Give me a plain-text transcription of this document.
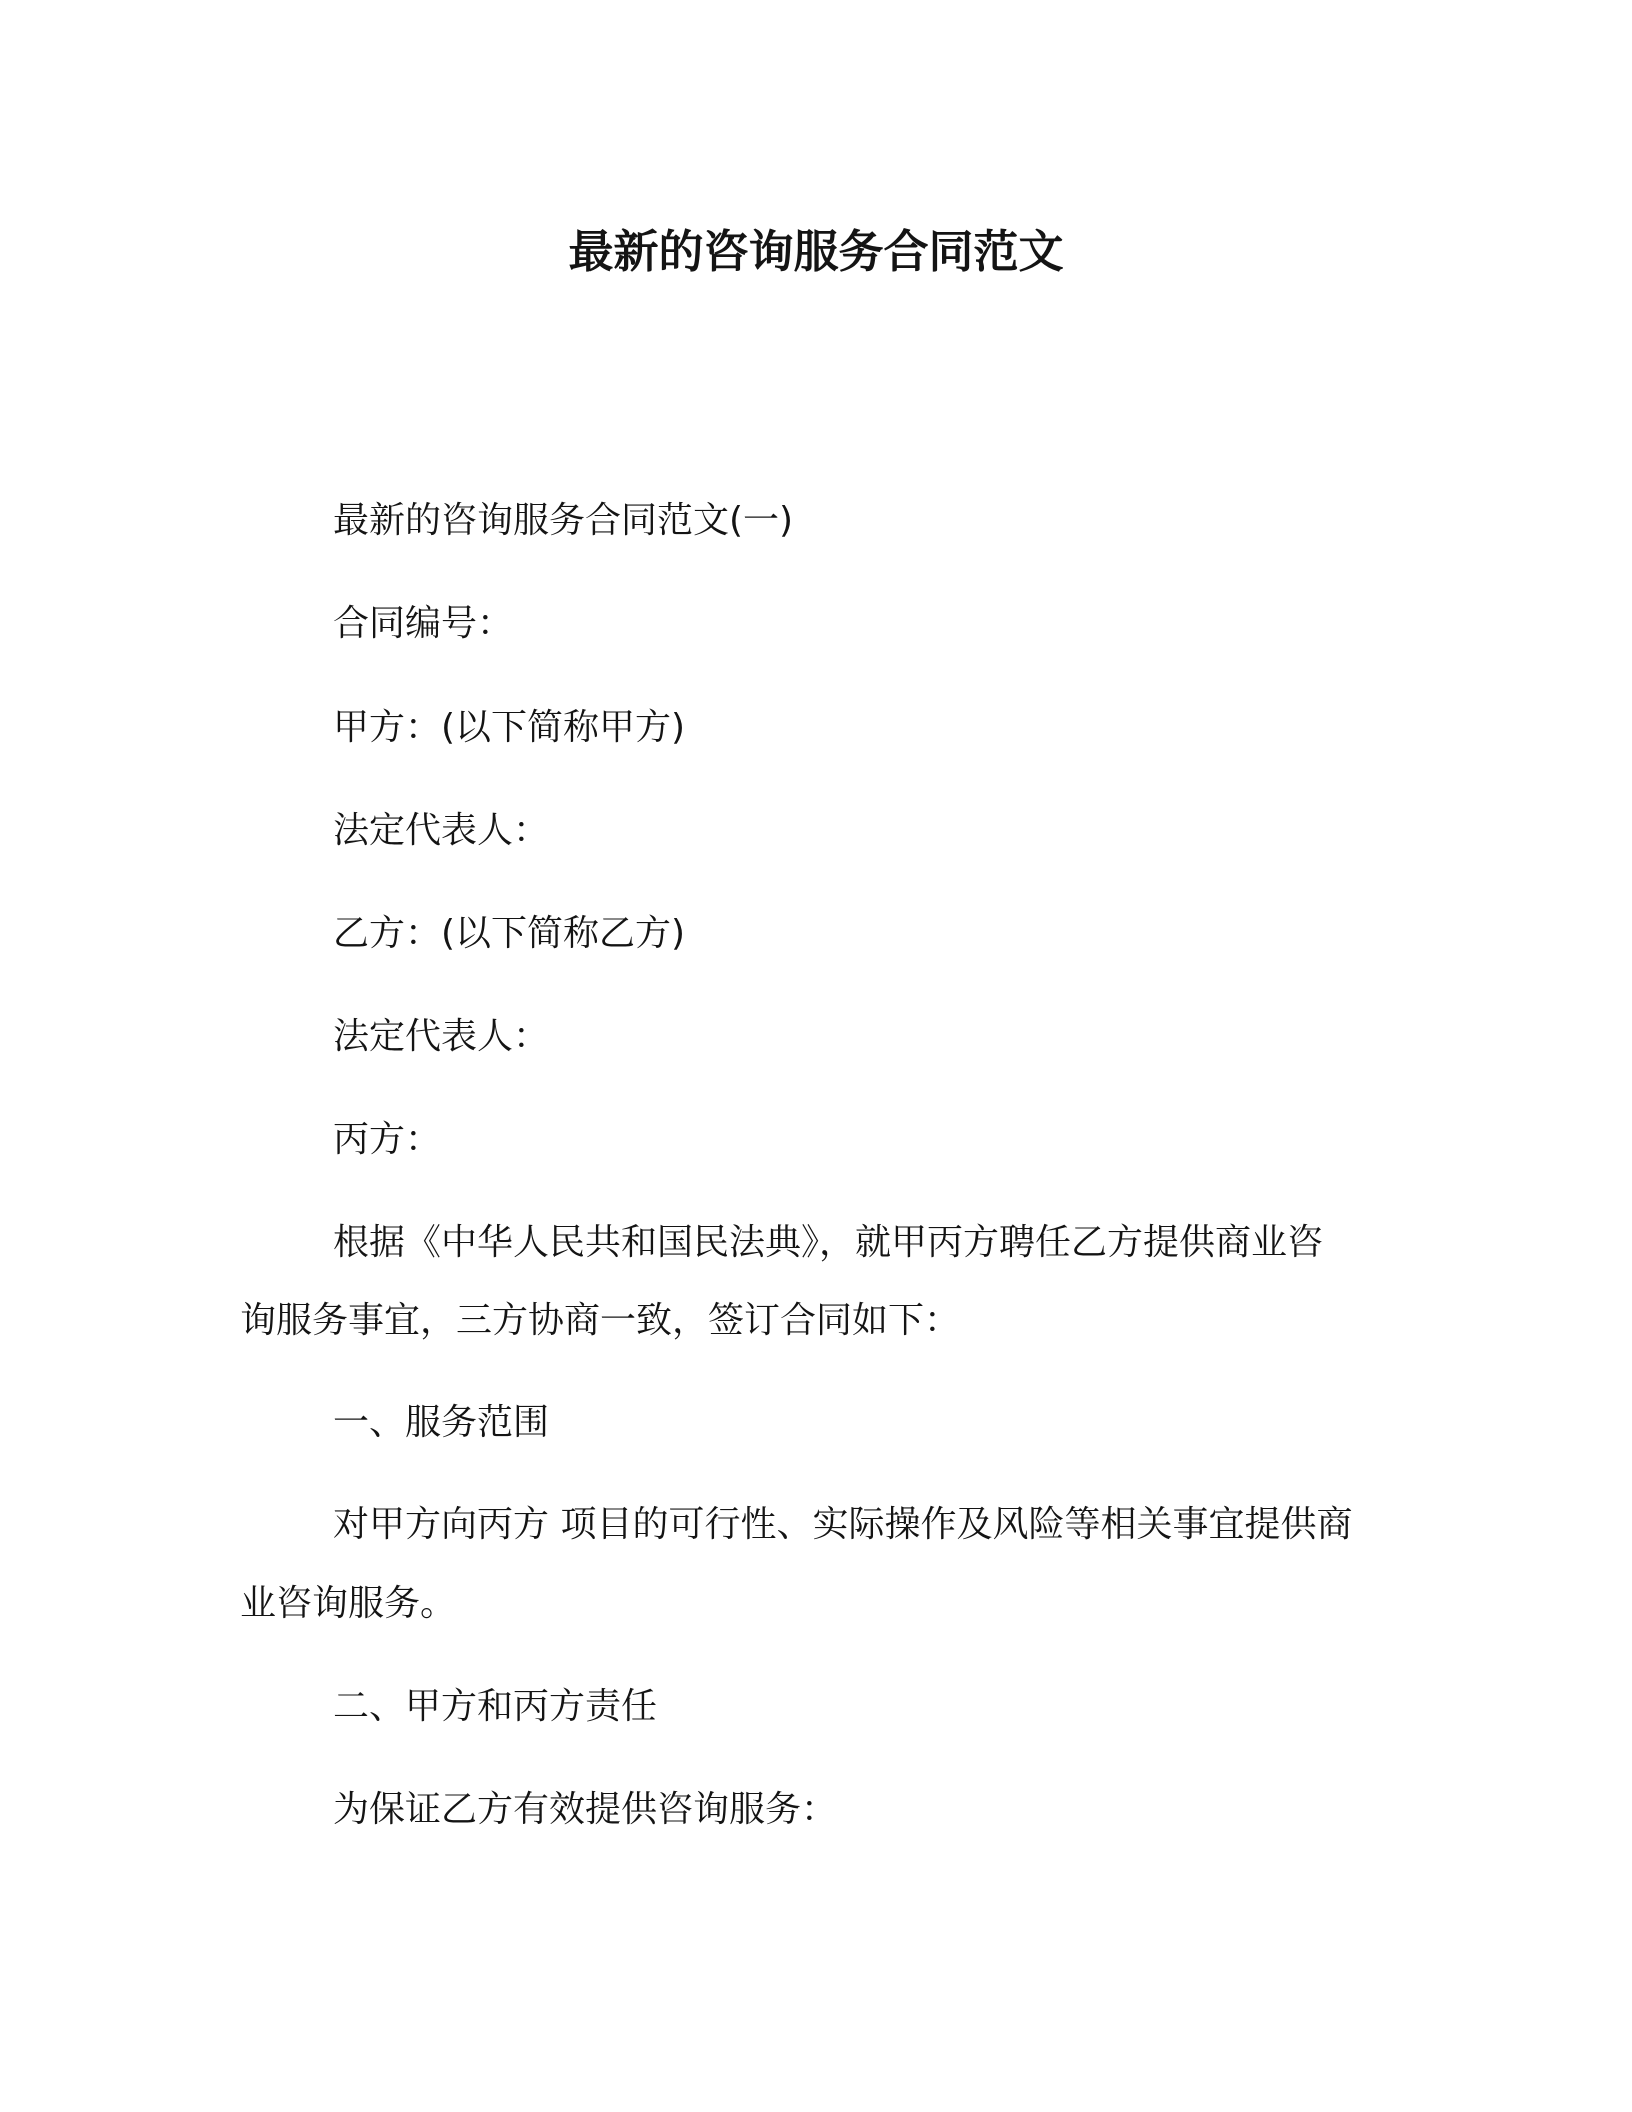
最新的咨询服务合同范文

最新的咨询服务合同范文(一)

合同编号：

甲方：(以下简称甲方)

法定代表人：

乙方：(以下简称乙方)

法定代表人：

丙方：

根据《中华人民共和国民法典》，就甲丙方聘任乙方提供商业咨

询服务事宜，三方协商一致，签订合同如下：

一、服务范围

对甲方向丙方 项目的可行性、实际操作及风险等相关事宜提供商

业咨询服务。

二、甲方和丙方责任

为保证乙方有效提供咨询服务：
